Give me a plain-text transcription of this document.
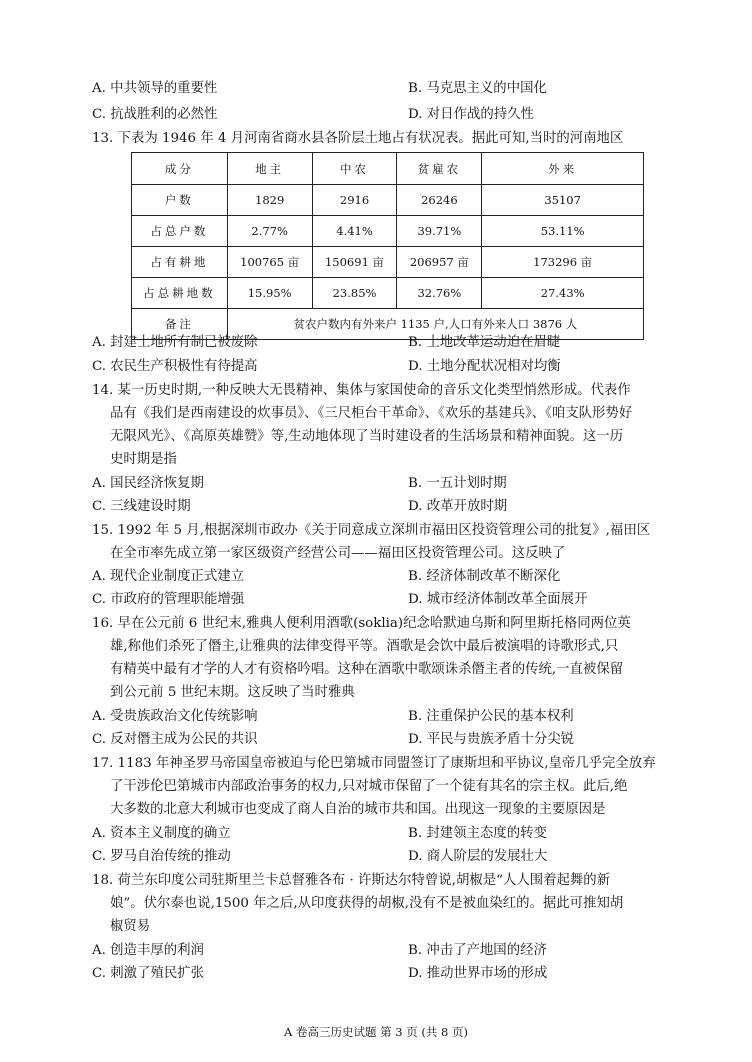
A. 中共领导的重要性	B. 马克思主义的中国化
C. 抗战胜利的必然性	D. 对日作战的持久性
13. 下表为 1946 年 4 月河南省商水县各阶层土地占有状况表。据此可知,当时的河南地区
成分	地主	中农	贫雇农	外来
户数	1829	2916	26246	35107
占总户数	2.77%	4.41%	39.71%	53.11%
占有耕地	100765 亩	150691 亩	206957 亩	173296 亩
占总耕地数	15.95%	23.85%	32.76%	27.43%
备注	贫农户数内有外来户 1135 户,人口有外来人口 3876 人			
A. 封建土地所有制已被废除	B. 土地改革运动迫在眉睫
C. 农民生产积极性有待提高	D. 土地分配状况相对均衡
14. 某一历史时期,一种反映大无畏精神、集体与家国使命的音乐文化类型悄然形成。代表作
品有《我们是西南建设的炊事员》、《三尺柜台干革命》、《欢乐的基建兵》、《咱支队形势好
无限风光》、《高原英雄赞》等,生动地体现了当时建设者的生活场景和精神面貌。这一历
史时期是指
A. 国民经济恢复期	B. 一五计划时期
C. 三线建设时期	D. 改革开放时期
15. 1992 年 5 月,根据深圳市政办《关于同意成立深圳市福田区投资管理公司的批复》,福田区
在全市率先成立第一家区级资产经营公司——福田区投资管理公司。这反映了
A. 现代企业制度正式建立	B. 经济体制改革不断深化
C. 市政府的管理职能增强	D. 城市经济体制改革全面展开
16. 早在公元前 6 世纪末,雅典人便利用酒歌(soklia)纪念哈默迪乌斯和阿里斯托格同两位英
雄,称他们杀死了僭主,让雅典的法律变得平等。酒歌是会饮中最后被演唱的诗歌形式,只
有精英中最有才学的人才有资格吟唱。这种在酒歌中歌颂诛杀僭主者的传统,一直被保留
到公元前 5 世纪末期。这反映了当时雅典
A. 受贵族政治文化传统影响	B. 注重保护公民的基本权利
C. 反对僭主成为公民的共识	D. 平民与贵族矛盾十分尖锐
17. 1183 年神圣罗马帝国皇帝被迫与伦巴第城市同盟签订了康斯坦和平协议,皇帝几乎完全放弃
了干涉伦巴第城市内部政治事务的权力,只对城市保留了一个徒有其名的宗主权。此后,绝
大多数的北意大利城市也变成了商人自治的城市共和国。出现这一现象的主要原因是
A. 资本主义制度的确立	B. 封建领主态度的转变
C. 罗马自治传统的推动	D. 商人阶层的发展壮大
18. 荷兰东印度公司驻斯里兰卡总督雅各布 · 许斯达尔特曾说,胡椒是“人人围着起舞的新
娘”。伏尔泰也说,1500 年之后,从印度获得的胡椒,没有不是被血染红的。据此可推知胡
椒贸易
A. 创造丰厚的利润	B. 冲击了产地国的经济
C. 刺激了殖民扩张	D. 推动世界市场的形成
A 卷高三历史试题 第 3 页 (共 8 页)
